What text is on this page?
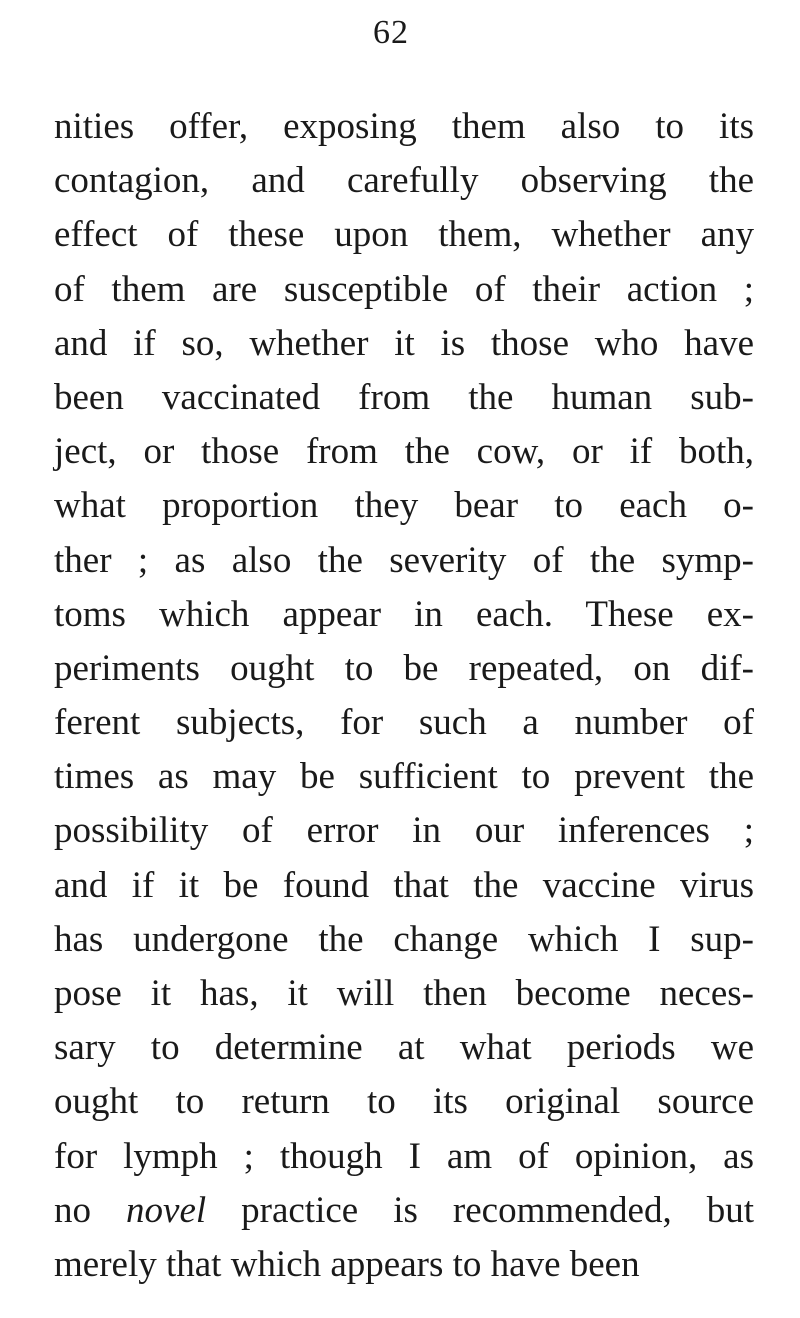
62
nities offer, exposing them also to its
contagion, and carefully observing the
effect of these upon them, whether any
of them are susceptible of their action ;
and if so, whether it is those who have
been vaccinated from the human sub-
ject, or those from the cow, or if both,
what proportion they bear to each o-
ther ; as also the severity of the symp-
toms which appear in each. These ex-
periments ought to be repeated, on dif-
ferent subjects, for such a number of
times as may be sufficient to prevent the
possibility of error in our inferences ;
and if it be found that the vaccine virus
has undergone the change which I sup-
pose it has, it will then become neces-
sary to determine at what periods we
ought to return to its original source
for lymph ; though I am of opinion, as
no novel practice is recommended, but
merely that which appears to have been
